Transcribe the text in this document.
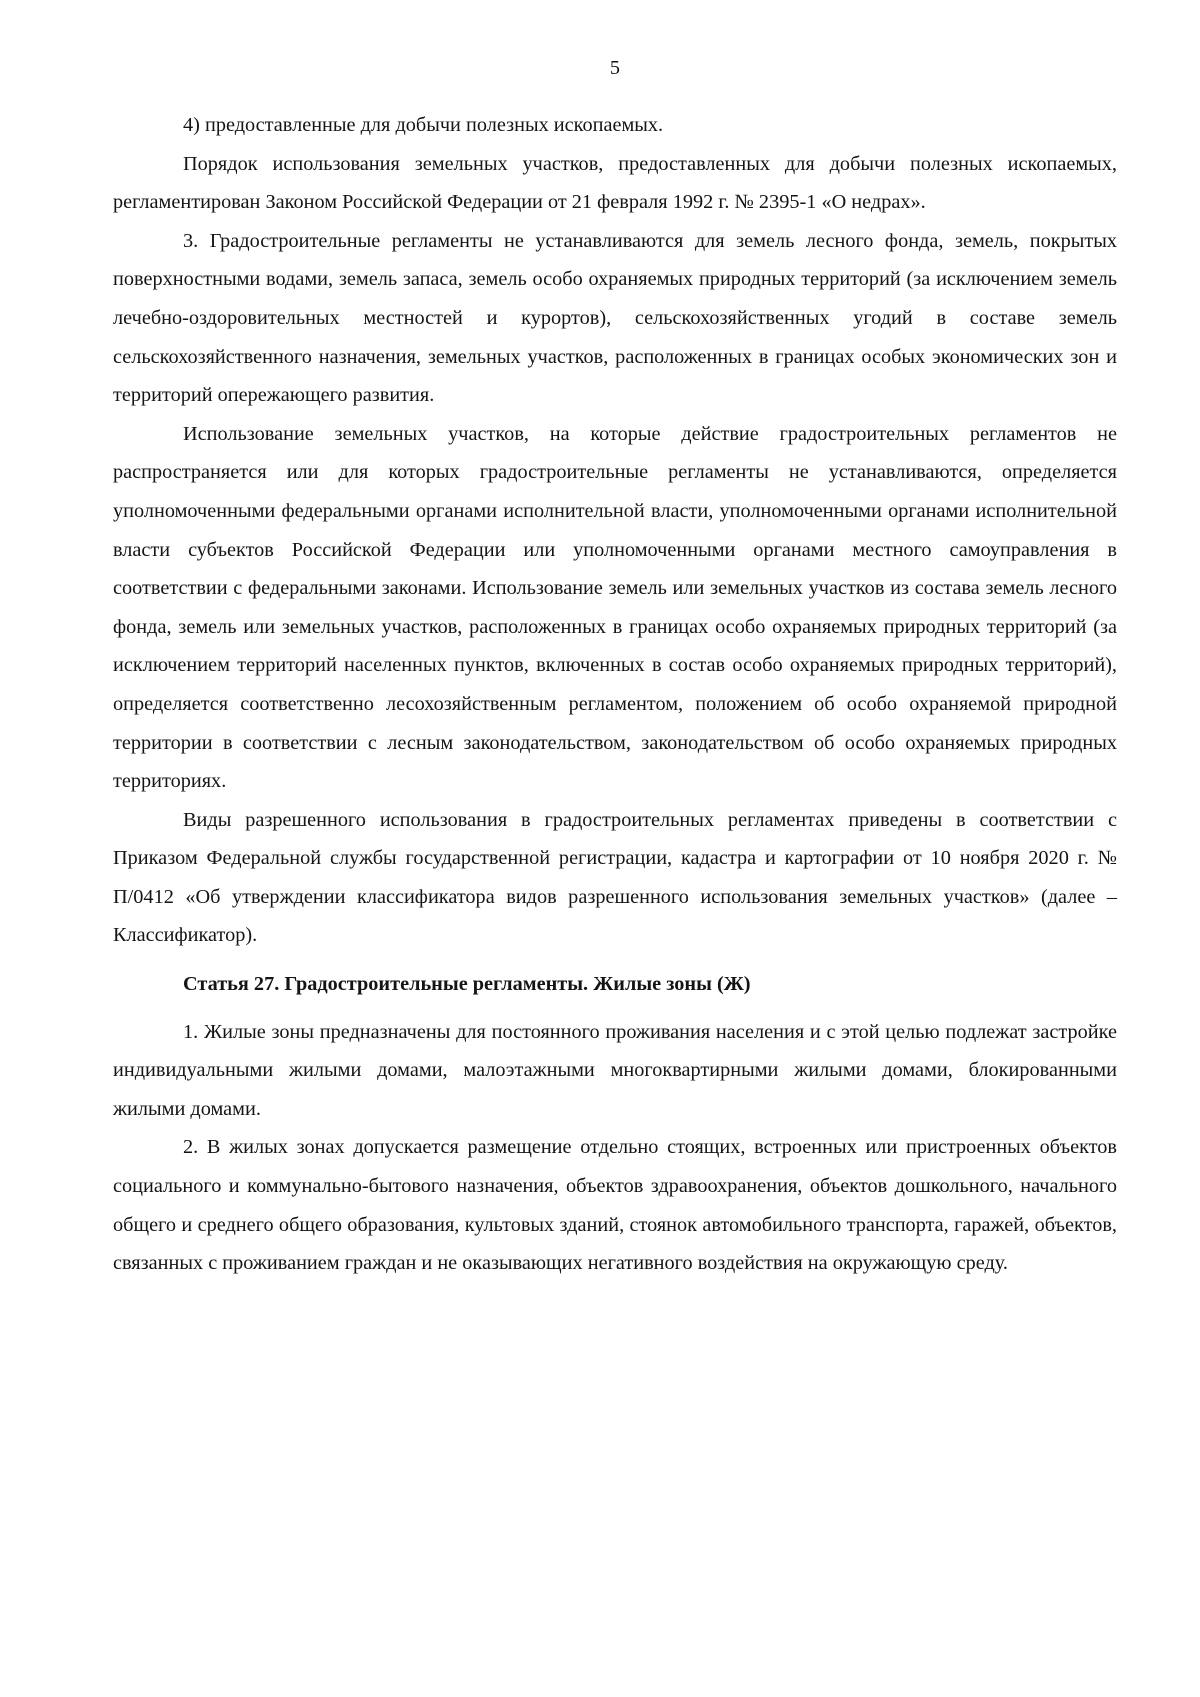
5

4) предоставленные для добычи полезных ископаемых.

Порядок использования земельных участков, предоставленных для добычи полезных ископаемых, регламентирован Законом Российской Федерации от 21 февраля 1992 г. № 2395-1 «О недрах».

3. Градостроительные регламенты не устанавливаются для земель лесного фонда, земель, покрытых поверхностными водами, земель запаса, земель особо охраняемых природных территорий (за исключением земель лечебно-оздоровительных местностей и курортов), сельскохозяйственных угодий в составе земель сельскохозяйственного назначения, земельных участков, расположенных в границах особых экономических зон и территорий опережающего развития.

Использование земельных участков, на которые действие градостроительных регламентов не распространяется или для которых градостроительные регламенты не устанавливаются, определяется уполномоченными федеральными органами исполнительной власти, уполномоченными органами исполнительной власти субъектов Российской Федерации или уполномоченными органами местного самоуправления в соответствии с федеральными законами. Использование земель или земельных участков из состава земель лесного фонда, земель или земельных участков, расположенных в границах особо охраняемых природных территорий (за исключением территорий населенных пунктов, включенных в состав особо охраняемых природных территорий), определяется соответственно лесохозяйственным регламентом, положением об особо охраняемой природной территории в соответствии с лесным законодательством, законодательством об особо охраняемых природных территориях.

Виды разрешенного использования в градостроительных регламентах приведены в соответствии с Приказом Федеральной службы государственной регистрации, кадастра и картографии от 10 ноября 2020 г. № П/0412 «Об утверждении классификатора видов разрешенного использования земельных участков» (далее – Классификатор).

Статья 27. Градостроительные регламенты. Жилые зоны (Ж)

1. Жилые зоны предназначены для постоянного проживания населения и с этой целью подлежат застройке индивидуальными жилыми домами, малоэтажными многоквартирными жилыми домами, блокированными жилыми домами.

2. В жилых зонах допускается размещение отдельно стоящих, встроенных или пристроенных объектов социального и коммунально-бытового назначения, объектов здравоохранения, объектов дошкольного, начального общего и среднего общего образования, культовых зданий, стоянок автомобильного транспорта, гаражей, объектов, связанных с проживанием граждан и не оказывающих негативного воздействия на окружающую среду.
